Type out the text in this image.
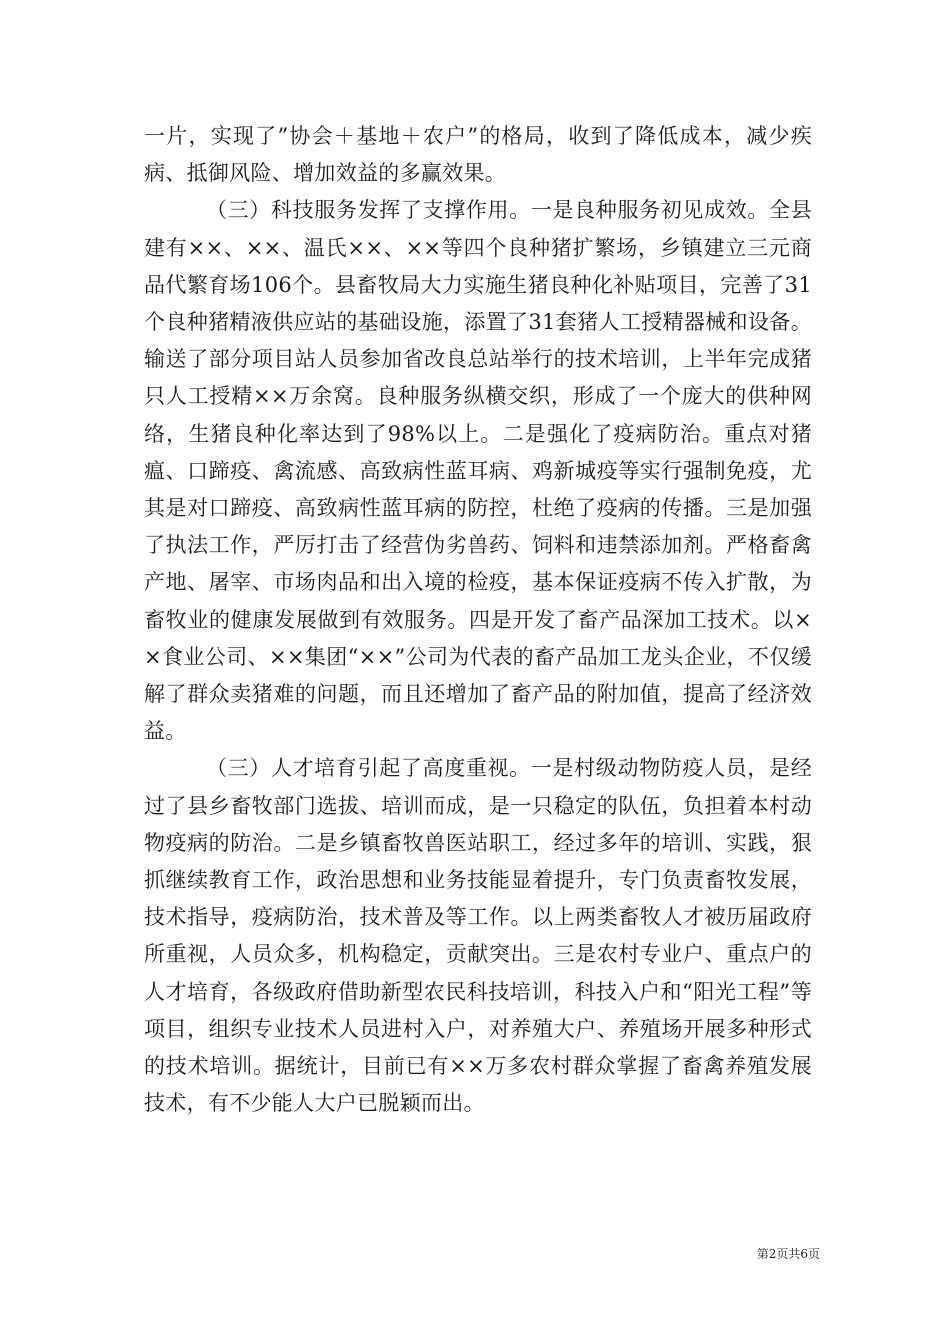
一片，实现了”协会＋基地＋农户”的格局，收到了降低成本，减少疾病、抵御风险、增加效益的多赢效果。

（三）科技服务发挥了支撑作用。一是良种服务初见成效。全县建有××、××、温氏××、××等四个良种猪扩繁场，乡镇建立三元商品代繁育场106个。县畜牧局大力实施生猪良种化补贴项目，完善了31个良种猪精液供应站的基础设施，添置了31套猪人工授精器械和设备。输送了部分项目站人员参加省改良总站举行的技术培训，上半年完成猪只人工授精××万余窝。良种服务纵横交织，形成了一个庞大的供种网络，生猪良种化率达到了98%以上。二是强化了疫病防治。重点对猪瘟、口蹄疫、禽流感、高致病性蓝耳病、鸡新城疫等实行强制免疫，尤其是对口蹄疫、高致病性蓝耳病的防控，杜绝了疫病的传播。三是加强了执法工作，严厉打击了经营伪劣兽药、饲料和违禁添加剂。严格畜禽产地、屠宰、市场肉品和出入境的检疫，基本保证疫病不传入扩散，为畜牧业的健康发展做到有效服务。四是开发了畜产品深加工技术。以××食业公司、××集团“××”公司为代表的畜产品加工龙头企业，不仅缓解了群众卖猪难的问题，而且还增加了畜产品的附加值，提高了经济效益。

（三）人才培育引起了高度重视。一是村级动物防疫人员，是经过了县乡畜牧部门选拔、培训而成，是一只稳定的队伍，负担着本村动物疫病的防治。二是乡镇畜牧兽医站职工，经过多年的培训、实践，狠抓继续教育工作，政治思想和业务技能显着提升，专门负责畜牧发展，技术指导，疫病防治，技术普及等工作。以上两类畜牧人才被历届政府所重视，人员众多，机构稳定，贡献突出。三是农村专业户、重点户的人才培育，各级政府借助新型农民科技培训，科技入户和“阳光工程”等项目，组织专业技术人员进村入户，对养殖大户、养殖场开展多种形式的技术培训。据统计，目前已有××万多农村群众掌握了畜禽养殖发展技术，有不少能人大户已脱颖而出。

第2页共6页
